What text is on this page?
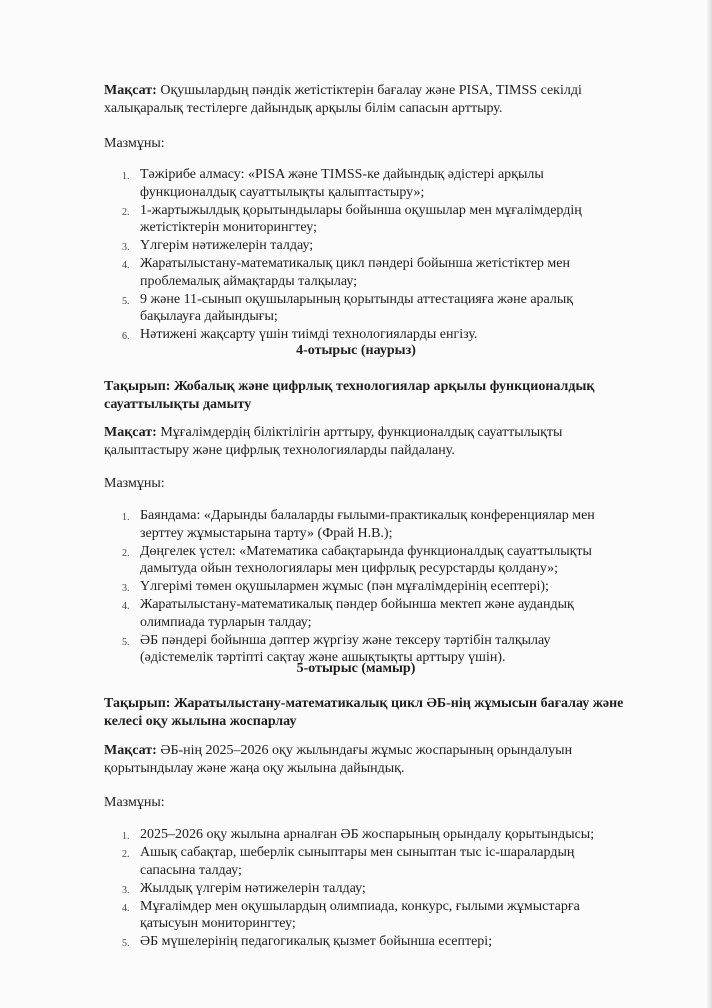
Мақсат: Оқушылардың пәндік жетістіктерін бағалау және PISA, TIMSS секілді халықаралық тестілерге дайындық арқылы білім сапасын арттыру.
Мазмұны:
1. Тәжірибе алмасу: «PISA және TIMSS-ке дайындық әдістері арқылы функционалдық сауаттылықты қалыптастыру»;
2. 1-жартыжылдық қорытындылары бойынша оқушылар мен мұғалімдердің жетістіктерін мониторингтеу;
3. Үлгерім нәтижелерін талдау;
4. Жаратылыстану-математикалық цикл пәндері бойынша жетістіктер мен проблемалық аймақтарды талқылау;
5. 9 және 11-сынып оқушыларының қорытынды аттестацияға және аралық бақылауға дайындығы;
6. Нәтижені жақсарту үшін тиімді технологияларды енгізу.
4-отырыс (наурыз)
Тақырып: Жобалық және цифрлық технологиялар арқылы функционалдық сауаттылықты дамыту
Мақсат: Мұғалімдердің біліктілігін арттыру, функционалдық сауаттылықты қалыптастыру және цифрлық технологияларды пайдалану.
Мазмұны:
1. Баяндама: «Дарынды балаларды ғылыми-практикалық конференциялар мен зерттеу жұмыстарына тарту» (Фрай Н.В.);
2. Дөңгелек үстел: «Математика сабақтарында функционалдық сауаттылықты дамытуда ойын технологиялары мен цифрлық ресурстарды қолдану»;
3. Үлгерімі төмен оқушылармен жұмыс (пән мұғалімдерінің есептері);
4. Жаратылыстану-математикалық пәндер бойынша мектеп және аудандық олимпиада турларын талдау;
5. ӘБ пәндері бойынша дәптер жүргізу және тексеру тәртібін талқылау (әдістемелік тәртіпті сақтау және ашықтықты арттыру үшін).
5-отырыс (мамыр)
Тақырып: Жаратылыстану-математикалық цикл ӘБ-нің жұмысын бағалау және келесі оқу жылына жоспарлау
Мақсат: ӘБ-нің 2025–2026 оқу жылындағы жұмыс жоспарының орындалуын қорытындылау және жаңа оқу жылына дайындық.
Мазмұны:
1. 2025–2026 оқу жылына арналған ӘБ жоспарының орындалу қорытындысы;
2. Ашық сабақтар, шеберлік сыныптары мен сыныптан тыс іс-шаралардың сапасына талдау;
3. Жылдық үлгерім нәтижелерін талдау;
4. Мұғалімдер мен оқушылардың олимпиада, конкурс, ғылыми жұмыстарға қатысуын мониторингтеу;
5. ӘБ мүшелерінің педагогикалық қызмет бойынша есептері;
